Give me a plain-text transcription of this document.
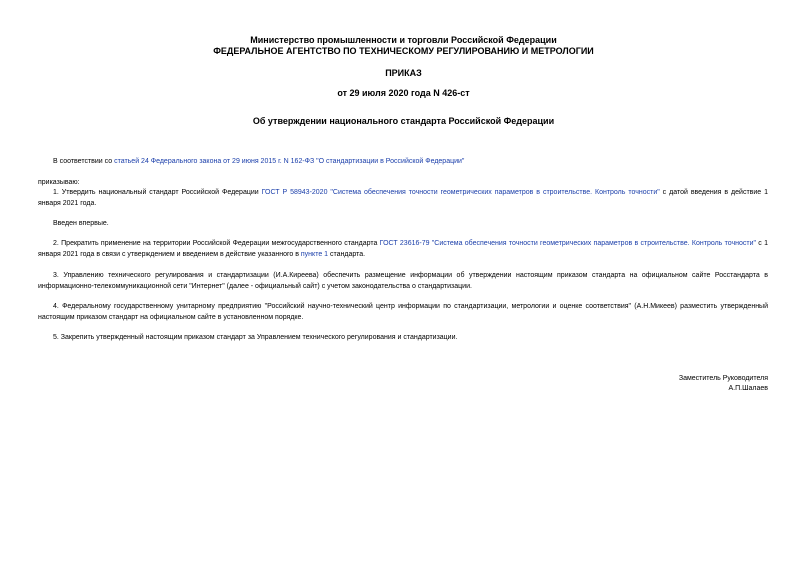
Министерство промышленности и торговли Российской Федерации
ФЕДЕРАЛЬНОЕ АГЕНТСТВО ПО ТЕХНИЧЕСКОМУ РЕГУЛИРОВАНИЮ И МЕТРОЛОГИИ
ПРИКАЗ
от 29 июля 2020 года N 426-ст
Об утверждении национального стандарта Российской Федерации
В соответствии со статьей 24 Федерального закона от 29 июня 2015 г. N 162-ФЗ "О стандартизации в Российской Федерации"
приказываю:
1. Утвердить национальный стандарт Российской Федерации ГОСТ Р 58943-2020 "Система обеспечения точности геометрических параметров в строительстве. Контроль точности" с датой введения в действие 1 января 2021 года.
Введен впервые.
2. Прекратить применение на территории Российской Федерации межгосударственного стандарта ГОСТ 23616-79 "Система обеспечения точности геометрических параметров в строительстве. Контроль точности" с 1 января 2021 года в связи с утверждением и введением в действие указанного в пункте 1 стандарта.
3. Управлению технического регулирования и стандартизации (И.А.Киреева) обеспечить размещение информации об утверждении настоящим приказом стандарта на официальном сайте Росстандарта в информационно-телекоммуникационной сети "Интернет" (далее - официальный сайт) с учетом законодательства о стандартизации.
4. Федеральному государственному унитарному предприятию "Российский научно-технический центр информации по стандартизации, метрологии и оценке соответствия" (А.Н.Микеев) разместить утвержденный настоящим приказом стандарт на официальном сайте в установленном порядке.
5. Закрепить утвержденный настоящим приказом стандарт за Управлением технического регулирования и стандартизации.
Заместитель Руководителя
А.П.Шалаев
